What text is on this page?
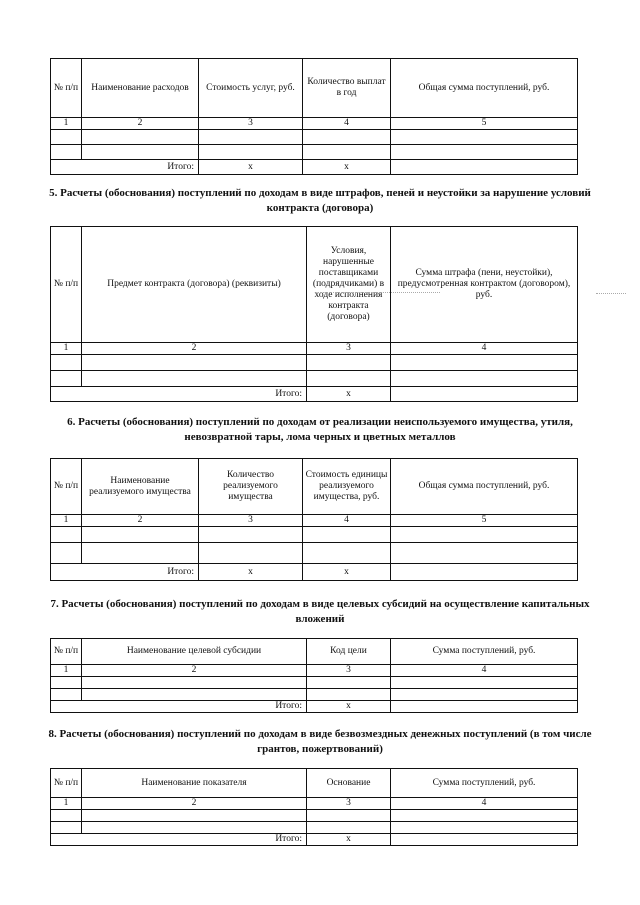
№ п/п	Наименование расходов	Стоимость услуг, руб.	Количество выплат в год	Общая сумма поступлений, руб.
1	2	3	4	5

Итого:		x	x	
5. Расчеты (обоснования) поступлений по доходам в виде штрафов, пеней и неустойки за нарушение условий контракта (договора)
№ п/п	Предмет контракта (договора) (реквизиты)	Условия, нарушенные поставщиками (подрядчиками) в ходе исполнения контракта (договора)	Сумма штрафа (пени, неустойки), предусмотренная контрактом (договором), руб.
1	2	3	4

Итого:		x	
6. Расчеты (обоснования) поступлений по доходам от реализации неиспользуемого имущества, утиля, невозвратной тары, лома черных и цветных металлов
№ п/п	Наименование реализуемого имущества	Количество реализуемого имущества	Стоимость единицы реализуемого имущества, руб.	Общая сумма поступлений, руб.
1	2	3	4	5

Итого:		x	x	
7. Расчеты (обоснования) поступлений по доходам в виде целевых субсидий на осуществление капитальных вложений
№ п/п	Наименование целевой субсидии	Код цели	Сумма поступлений, руб.
1	2	3	4

Итого:		x	
8. Расчеты (обоснования) поступлений по доходам в виде безвозмездных денежных поступлений (в том числе грантов, пожертвований)
№ п/п	Наименование показателя	Основание	Сумма поступлений, руб.
1	2	3	4

Итого:		x	
